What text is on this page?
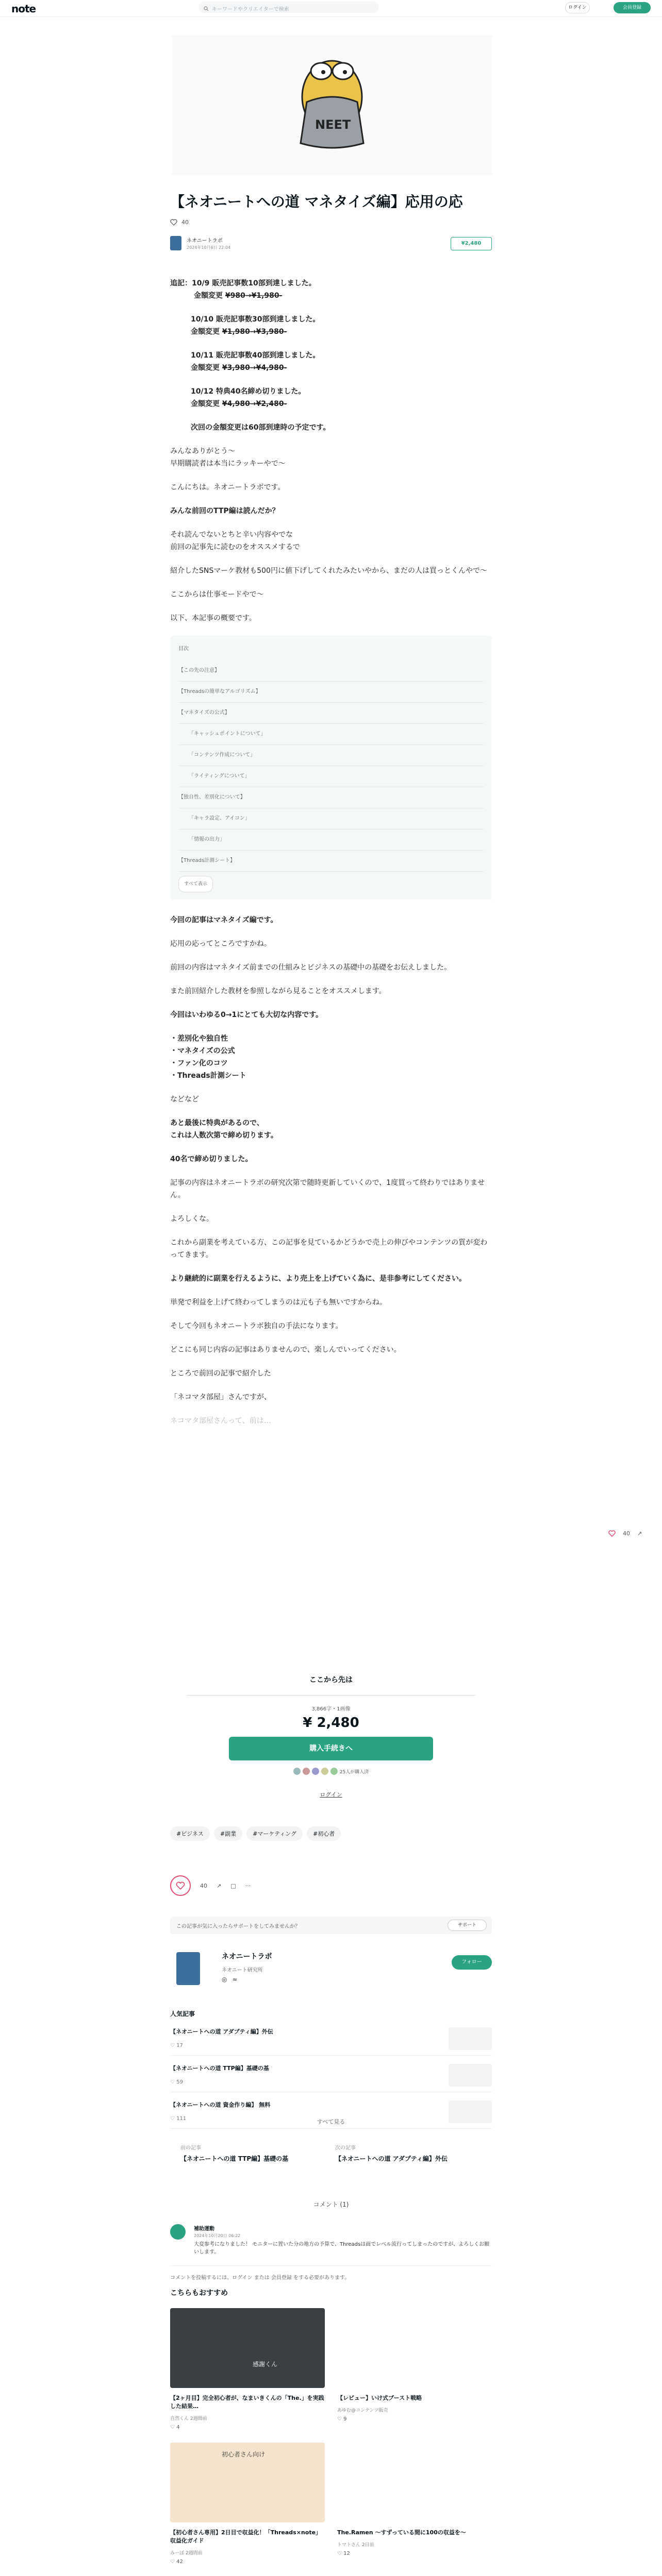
note	キーワードやクリエイターで検索	ログイン	会員登録
NEET
【ネオニートへの道 マネタイズ編】応用の応
40
ネオニートラボ
2024年10月6日 22:04
¥2,480

追記：10/9 販売記事数10部到達しました。
金額変更 ¥980→¥1,980-

10/10 販売記事数30部到達しました。
金額変更 ¥1,980→¥3,980-

10/11 販売記事数40部到達しました。
金額変更 ¥3,980→¥4,980-

10/12 特典40名締め切りました。
金額変更 ¥4,980→¥2,480-

次回の金額変更は60部到達時の予定です。

みんなありがとう〜
早期購読者は本当にラッキーやで〜

こんにちは。ネオニートラボです。

みんな前回のTTP編は読んだか？

それ読んでないとちと辛い内容やでな
前回の記事先に読むのをオススメするで

紹介したSNSマーケ教材も500円に値下げしてくれたみたいやから、まだの人は買っとくんやで〜

ここからは仕事モードやで〜

以下、本記事の概要です。

目次
【この先の注意】
【Threadsの簡単なアルゴリズム】
【マネタイズの公式】
「キャッシュポイントについて」
「コンテンツ作成について」
「ライティングについて」
【独自性、差別化について】
「キャラ設定、アイコン」
「情報の出力」
【Threads計測シート】
すべて表示

今回の記事はマネタイズ編です。

応用の応ってところですかね。

前回の内容はマネタイズ前までの仕組みとビジネスの基礎中の基礎をお伝えしました。

また前回紹介した教材を参照しながら見ることをオススメします。

今回はいわゆる0→1にとても大切な内容です。

・差別化や独自性
・マネタイズの公式
・ファン化のコツ
・Threads計測シート

などなど

あと最後に特典があるので、
これは人数次第で締め切ります。

40名で締め切りました。

記事の内容はネオニートラボの研究次第で随時更新していくので、1度買って終わりではありません。

よろしくな。

これから副業を考えている方、この記事を見ているかどうかで売上の伸びやコンテンツの質が変わってきます。

より継続的に副業を行えるように、より売上を上げていく為に、是非参考にしてください。

単発で利益を上げて終わってしまうのは元も子も無いですからね。

そして今回もネオニートラボ独自の手法になります。

どこにも同じ内容の記事はありませんので、楽しんでいってください。

ところで前回の記事で紹介した

「ネコマタ部屋」さんですが、

ネコマタ部屋さんって、前は…

40 ↗
ここから先は
3,866字・1画像
¥ 2,480
購入手続きへ
25人が購入済
ログイン
#ビジネス	#副業	#マーケティング	#初心者
40 ↗ □ ···
この記事が気に入ったらサポートをしてみませんか？	サポート
ネオニートラボ
ネオニート研究所
◎ ≈
フォロー
人気記事
【ネオニートへの道 アダプティ編】外伝
♡ 17
【ネオニートへの道 TTP編】基礎の基
♡ 59
【ネオニートへの道 資金作り編】 無料
♡ 111	すべて見る
前の記事
【ネオニートへの道 TTP編】基礎の基
次の記事
【ネオニートへの道 アダプティ編】外伝
コメント (1)
補助運動
2024年10月20日 06:22
大変参考になりました！ モニターに置いた分の地方の予算で、Threadsは面でレベル流行ってしまったのですが、よろしくお願いします。
コメントを投稿するには、ログイン または 会員登録 をする必要があります。
こちらもおすすめ
感謝くん
【2ヶ月目】完全初心者が、なまいきくんの「The.」を実践した結果…
自然くん 2週間前
♡ 4
【レビュー】いけ式ブースト戦略
あゆむ@コンテンツ販売
♡ 9
初心者さん向け
【初心者さん専用】2日目で収益化！「Threads×note」収益化ガイド
みーぽ 2週間前
♡ 42
The.Ramen 〜すずっている間に100の収益を〜
トマトさん 2日前
♡ 12
